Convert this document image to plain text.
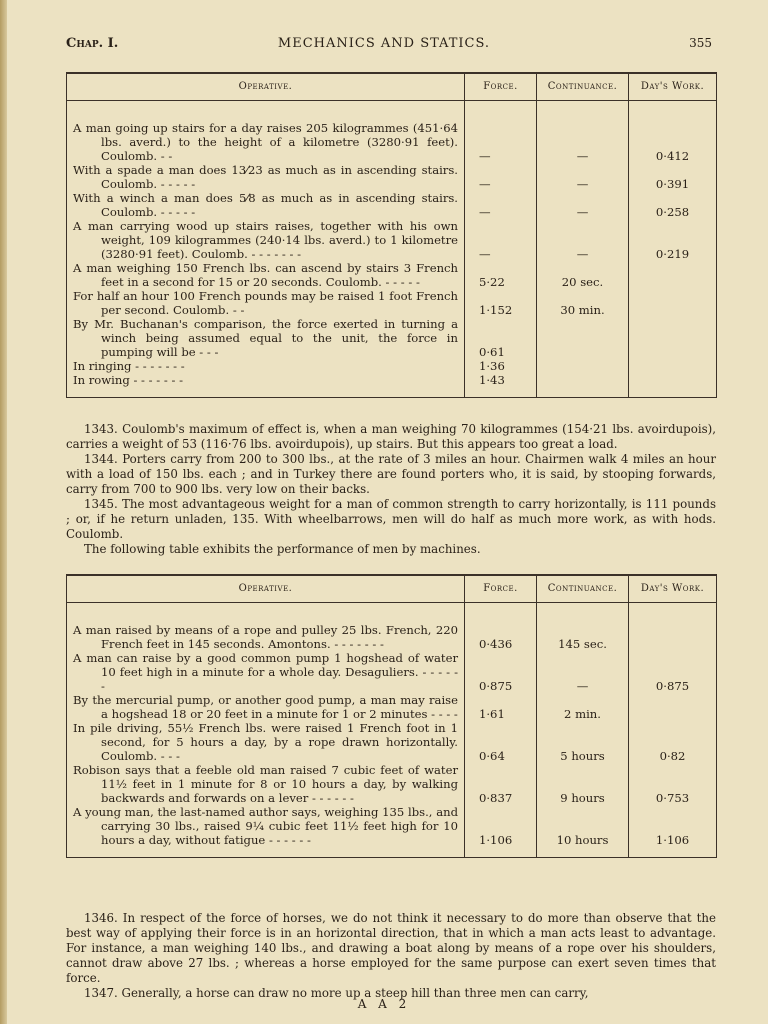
MECHANICS AND STATICS.
Chap. I.	355
Operative.	Force.	Continuance.	Day's Work.

A man going up stairs for a day raises 205 kilogrammes (451·64 lbs. averd.) to the height of a kilometre (3280·91 feet). Coulomb. - -	—	—	0·412

With a spade a man does 13⁄23 as much as in ascending stairs. Coulomb. - - - - -	—	—	0·391

With a winch a man does 5⁄8 as much as in ascending stairs. Coulomb. - - - - -	—	—	0·258

A man carrying wood up stairs raises, together with his own weight, 109 kilogrammes (240·14 lbs. averd.) to 1 kilometre (3280·91 feet). Coulomb. - - - - - - -	—	—	0·219

A man weighing 150 French lbs. can ascend by stairs 3 French feet in a second for 15 or 20 seconds. Coulomb. - - - - -	5·22	20 sec.	

For half an hour 100 French pounds may be raised 1 foot French per second. Coulomb. - -	1·152	30 min.	

By Mr. Buchanan's comparison, the force exerted in turning a winch being assumed equal to the unit, the force in pumping will be - - -	0·61		

In ringing - - - - - - -	1·36		

In rowing - - - - - - -	1·43		

1343. Coulomb's maximum of effect is, when a man weighing 70 kilogrammes (154·21 lbs. avoirdupois), carries a weight of 53 (116·76 lbs. avoirdupois), up stairs. But this appears too great a load.

1344. Porters carry from 200 to 300 lbs., at the rate of 3 miles an hour. Chairmen walk 4 miles an hour with a load of 150 lbs. each ; and in Turkey there are found porters who, it is said, by stooping forwards, carry from 700 to 900 lbs. very low on their backs.

1345. The most advantageous weight for a man of common strength to carry horizontally, is 111 pounds ; or, if he return unladen, 135. With wheelbarrows, men will do half as much more work, as with hods. Coulomb.

The following table exhibits the performance of men by machines.

Operative.	Force.	Continuance.	Day's Work.

A man raised by means of a rope and pulley 25 lbs. French, 220 French feet in 145 seconds. Amontons. - - - - - - -	0·436	145 sec.	

A man can raise by a good common pump 1 hogshead of water 10 feet high in a minute for a whole day. Desaguliers. - - - - - -	0·875	—	0·875

By the mercurial pump, or another good pump, a man may raise a hogshead 18 or 20 feet in a minute for 1 or 2 minutes - - - -	1·61	2 min.	

In pile driving, 55½ French lbs. were raised 1 French foot in 1 second, for 5 hours a day, by a rope drawn horizontally. Coulomb. - - -	0·64	5 hours	0·82

Robison says that a feeble old man raised 7 cubic feet of water 11½ feet in 1 minute for 8 or 10 hours a day, by walking backwards and forwards on a lever - - - - - -	0·837	9 hours	0·753

A young man, the last-named author says, weighing 135 lbs., and carrying 30 lbs., raised 9¼ cubic feet 11½ feet high for 10 hours a day, without fatigue - - - - - -	1·106	10 hours	1·106

1346. In respect of the force of horses, we do not think it necessary to do more than observe that the best way of applying their force is in an horizontal direction, that in which a man acts least to advantage. For instance, a man weighing 140 lbs., and drawing a boat along by means of a rope over his shoulders, cannot draw above 27 lbs. ; whereas a horse employed for the same purpose can exert seven times that force.

1347. Generally, a horse can draw no more up a steep hill than three men can carry,

A A 2
